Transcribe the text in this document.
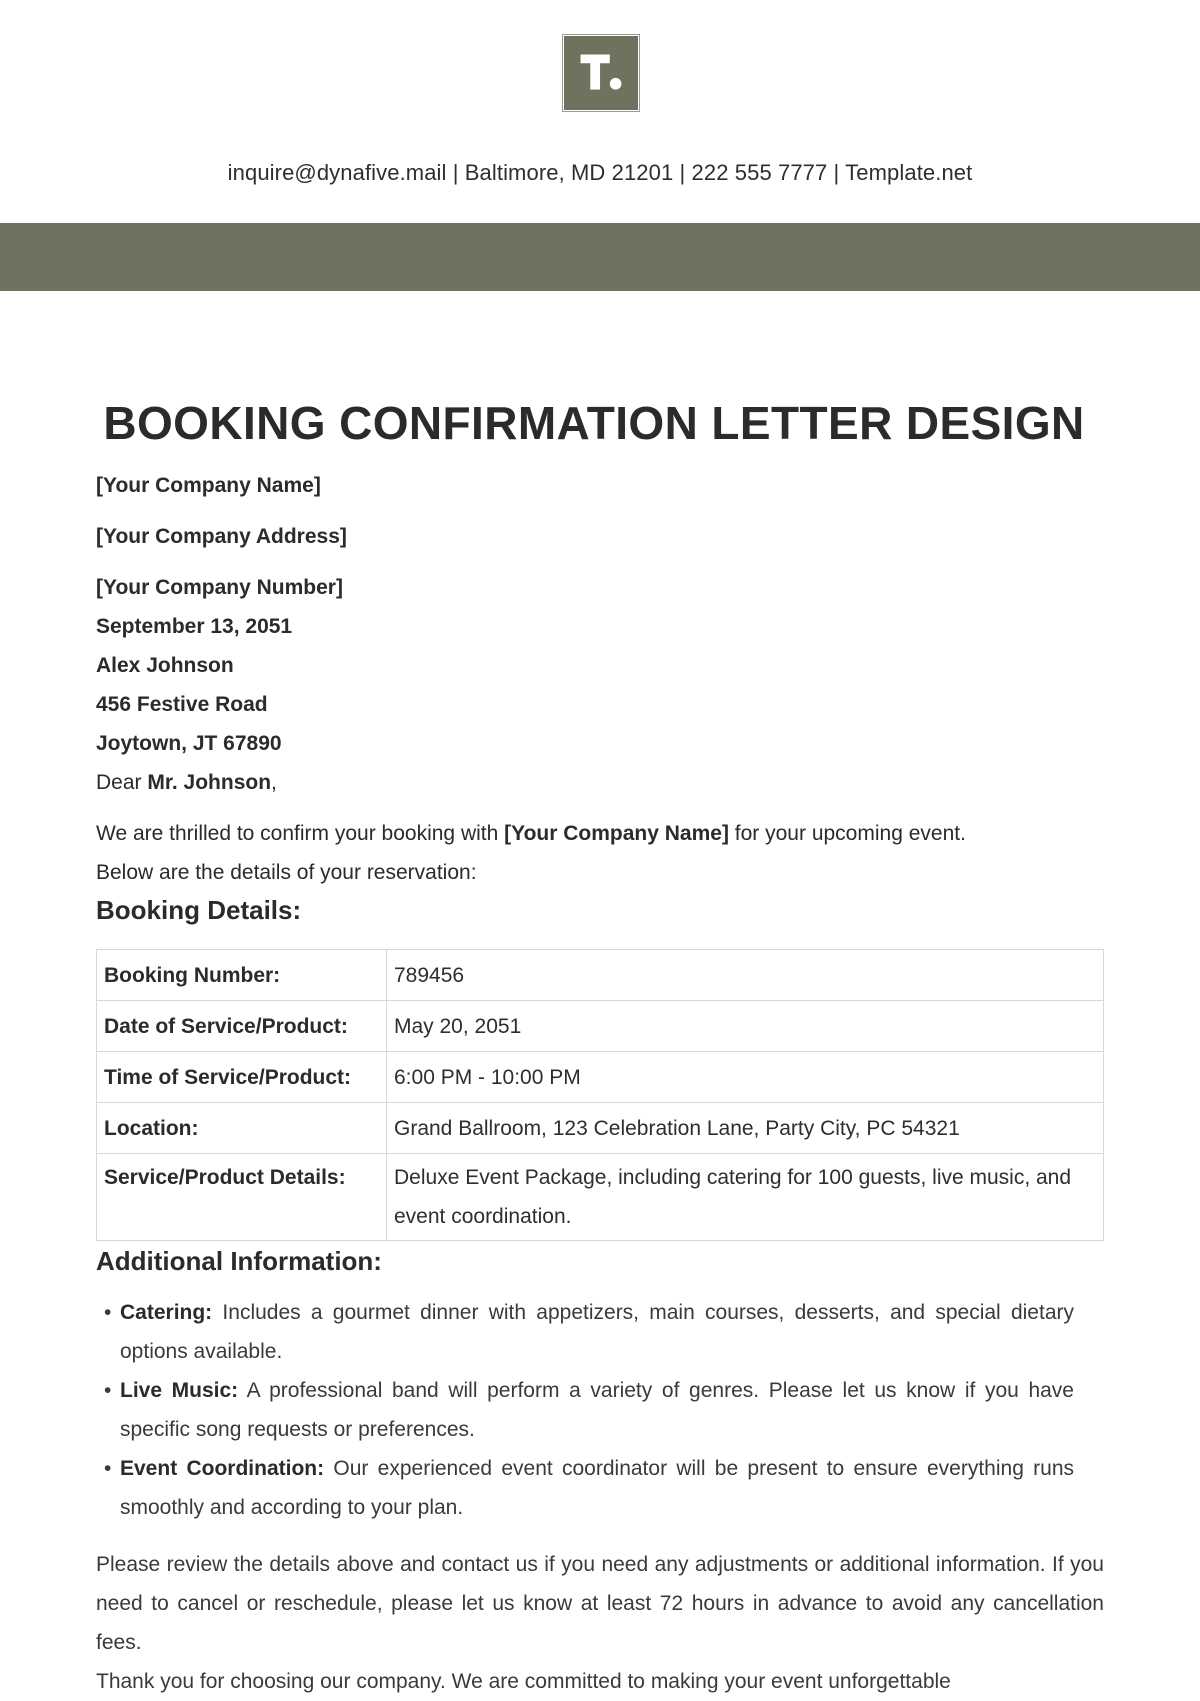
inquire@dynafive.mail | Baltimore, MD 21201 | 222 555 7777 | Template.net
BOOKING CONFIRMATION LETTER DESIGN

[Your Company Name]

[Your Company Address]

[Your Company Number]

September 13, 2051

Alex Johnson

456 Festive Road

Joytown, JT 67890

Dear Mr. Johnson,

We are thrilled to confirm your booking with [Your Company Name] for your upcoming event.

Below are the details of your reservation:

Booking Details:
Booking Number:	789456
Date of Service/Product:	May 20, 2051
Time of Service/Product:	6:00 PM - 10:00 PM
Location:	Grand Ballroom, 123 Celebration Lane, Party City, PC 54321
Service/Product Details:	Deluxe Event Package, including catering for 100 guests, live music, and event coordination.
Additional Information:
• Catering: Includes a gourmet dinner with appetizers, main courses, desserts, and special dietary options available.
• Live Music: A professional band will perform a variety of genres. Please let us know if you have specific song requests or preferences.
• Event Coordination: Our experienced event coordinator will be present to ensure everything runs smoothly and according to your plan.

Please review the details above and contact us if you need any adjustments or additional information. If you need to cancel or reschedule, please let us know at least 72 hours in advance to avoid any cancellation fees.

Thank you for choosing our company. We are committed to making your event unforgettable
